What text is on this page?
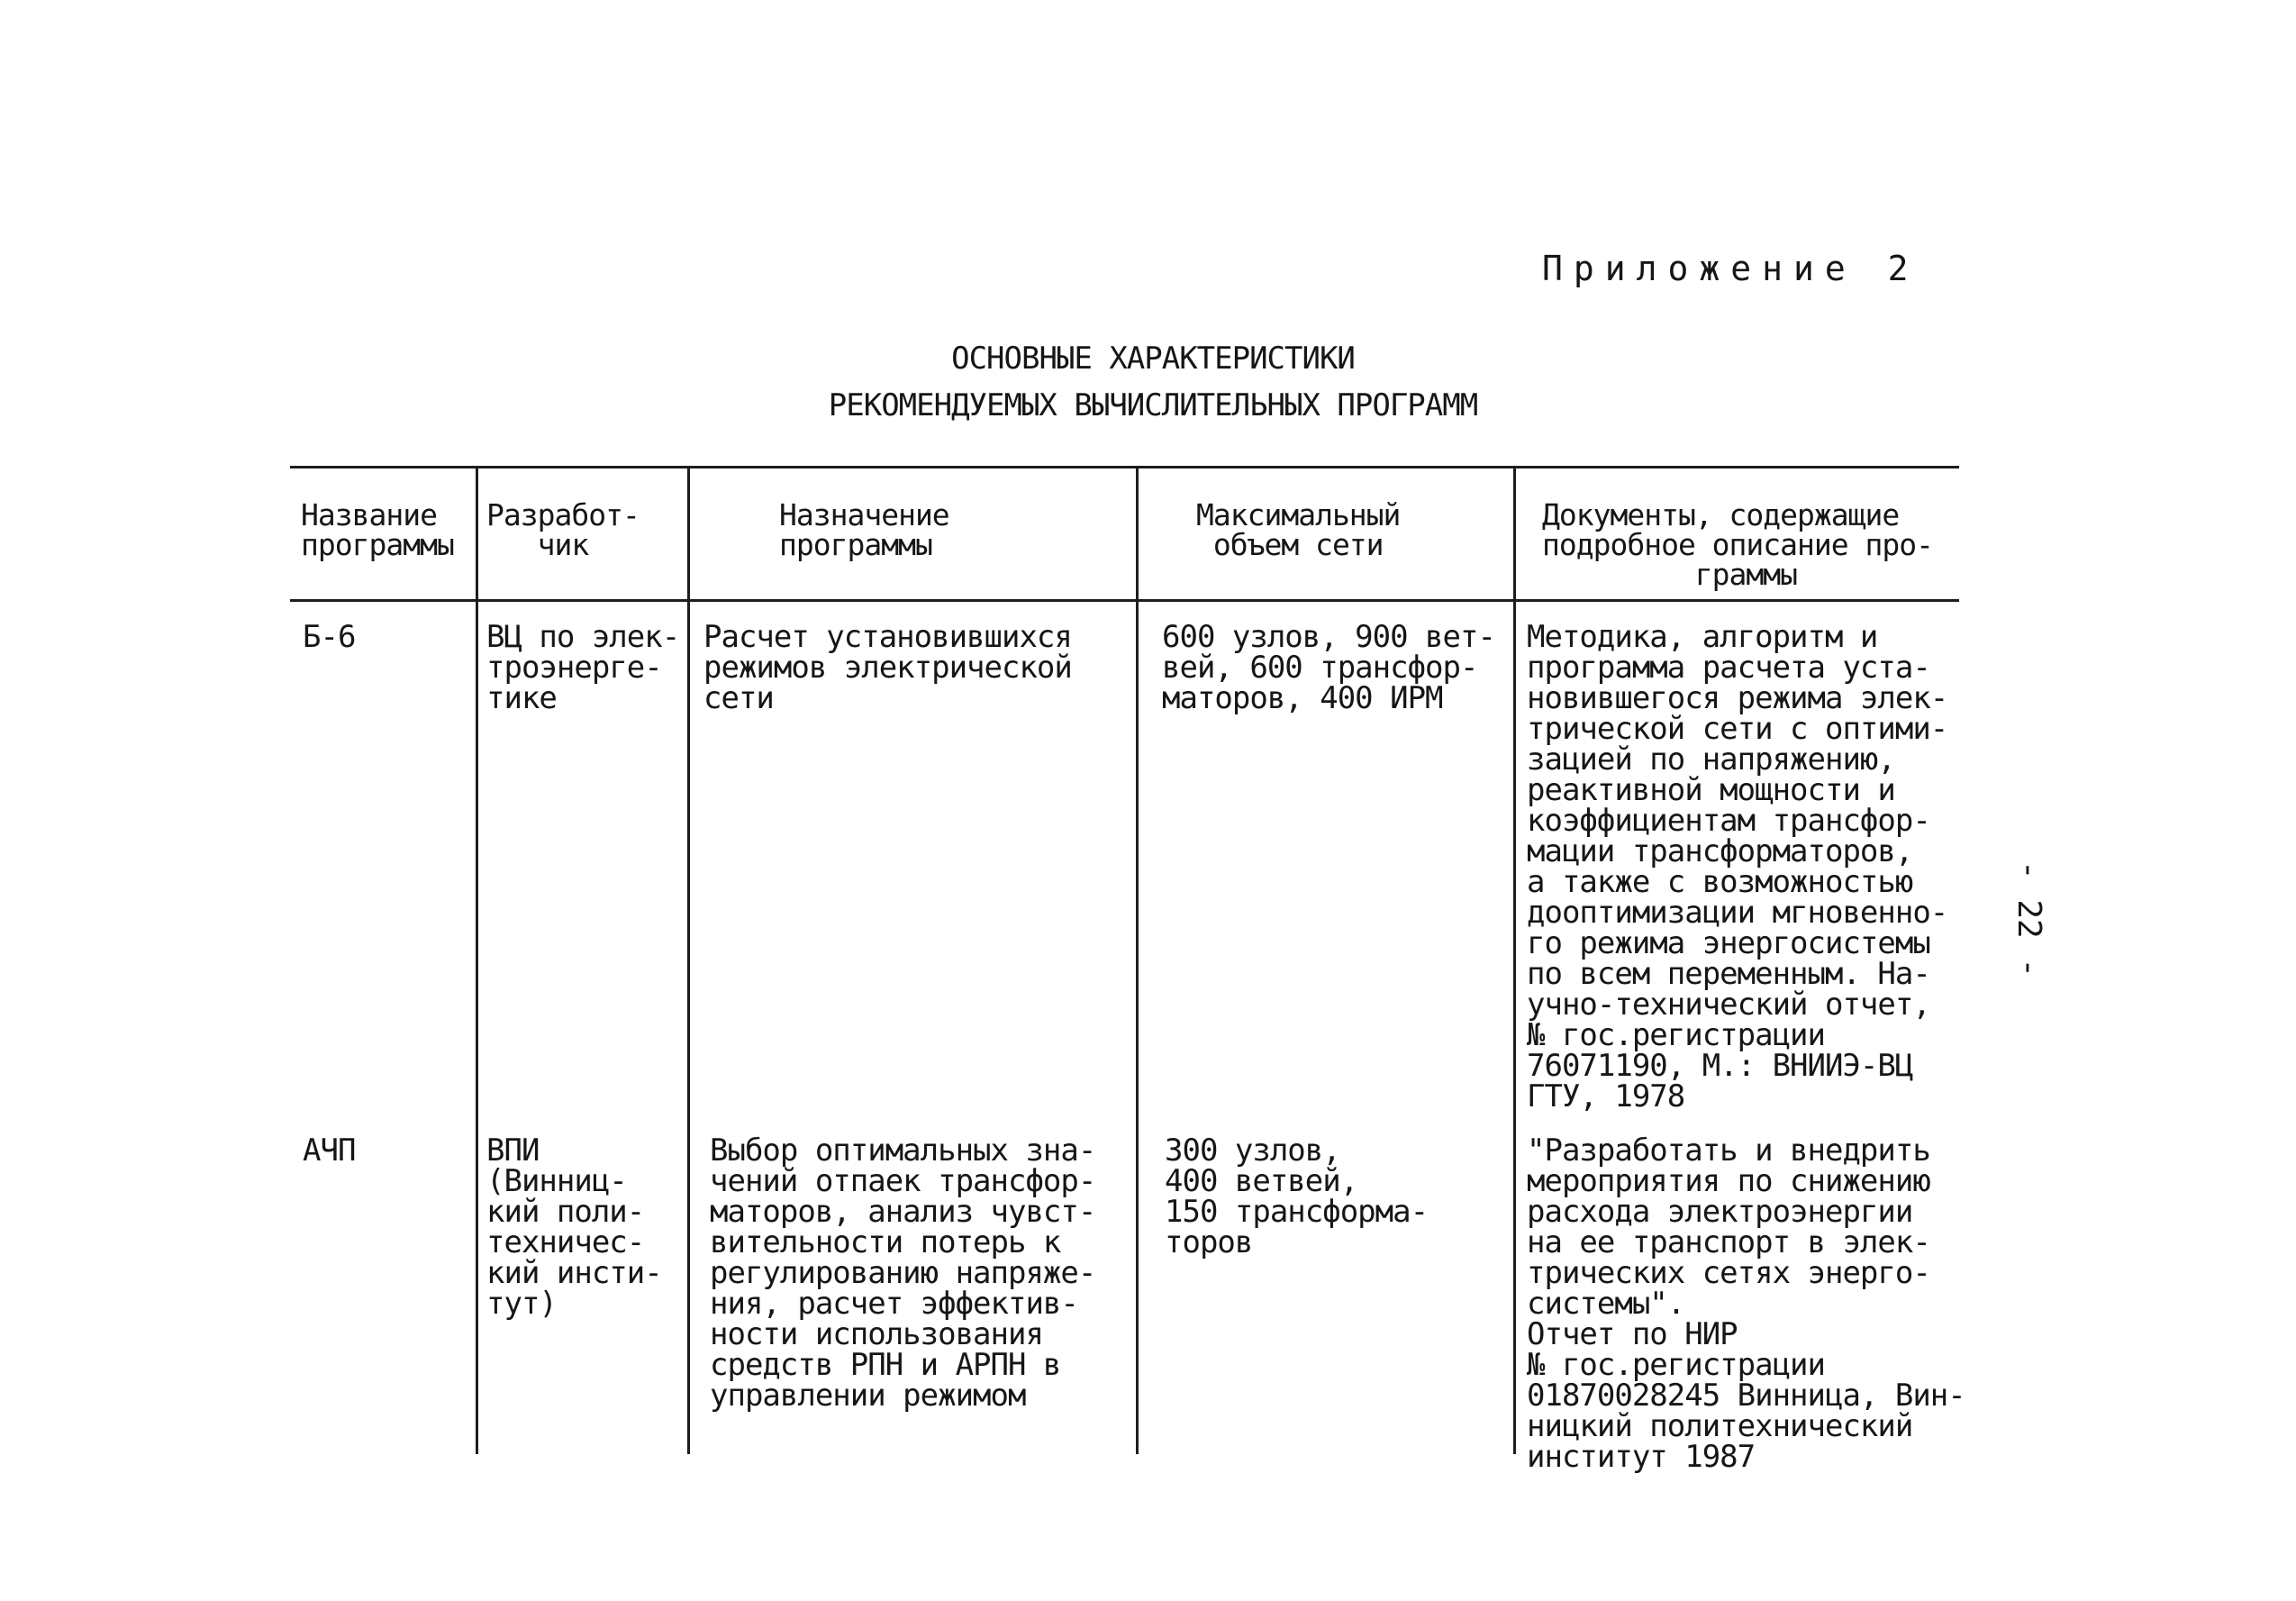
Приложение 2
ОСНОВНЫЕ ХАРАКТЕРИСТИКИ
РЕКОМЕНДУЕМЫХ ВЫЧИСЛИТЕЛЬНЫХ ПРОГРАММ
- 22 -
Название
программы
Разработ-
чик
Назначение
программы
Максимальный
объем сети
Документы, содержащие
подробное описание про-
граммы
Б-6	ВЦ по элек-
троэнерге-
тике
Расчет установившихся
режимов электрической
сети
600 узлов, 900 вет-
вей, 600 трансфор-
маторов, 400 ИРМ
Методика, алгоритм и
программа расчета уста-
новившегося режима элек-
трической сети с оптими-
зацией по напряжению,
реактивной мощности и
коэффициентам трансфор-
мации трансформаторов,
а также с возможностью
дооптимизации мгновенно-
го режима энергосистемы
по всем переменным. На-
учно-технический отчет,
№ гос.регистрации
76071190, М.: ВНИИЭ-ВЦ
ГТУ, 1978
АЧП	ВПИ
(Винниц-
кий поли-
техничес-
кий инсти-
тут)
Выбор оптимальных зна-
чений отпаек трансфор-
маторов, анализ чувст-
вительности потерь к
регулированию напряже-
ния, расчет эффектив-
ности использования
средств РПН и АРПН в
управлении режимом
300 узлов,
400 ветвей,
150 трансформа-
торов
"Разработать и внедрить
мероприятия по снижению
расхода электроэнергии
на ее транспорт в элек-
трических сетях энерго-
системы".
Отчет по НИР
№ гос.регистрации
01870028245 Винница, Вин-
ницкий политехнический
институт 1987
